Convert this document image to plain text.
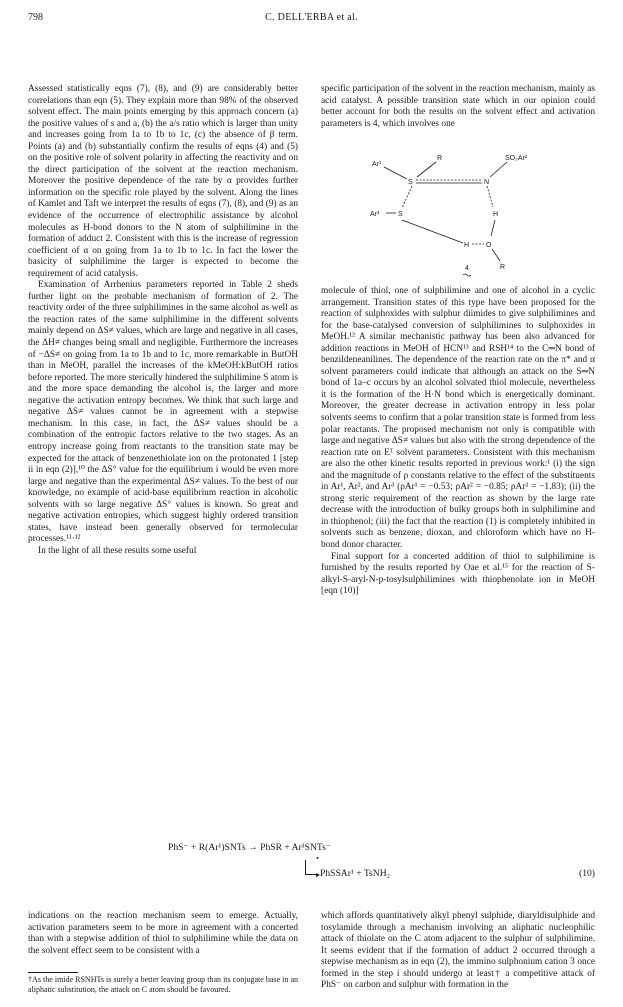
798	C. DELL'ERBA et al.

Assessed statistically eqns (7), (8), and (9) are considerably better correlations than eqn (5). They explain more than 98% of the observed solvent effect. The main points emerging by this approach concern (a) the positive values of s and a, (b) the a/s ratio which is larger than unity and increases going from 1a to 1b to 1c, (c) the absence of β term. Points (a) and (b) substantially confirm the results of eqns (4) and (5) on the positive role of solvent polarity in affecting the reactivity and on the direct participation of the solvent at the reaction mechanism. Moreover the positive dependence of the rate by α provides further information on the specific role played by the solvent. Along the lines of Kamlet and Taft we interpret the results of eqns (7), (8), and (9) as an evidence of the occurrence of electrophilic assistance by alcohol molecules as H-bond donors to the N atom of sulphilimine in the formation of adduct 2. Consistent with this is the increase of regression coefficient of α on going from 1a to 1b to 1c. In fact the lower the basicity of sulphilimine the larger is expected to become the requirement of acid catalysis.

Examination of Arrhenius parameters reported in Table 2 sheds further light on the probable mechanism of formation of 2. The reactivity order of the three sulphilimines in the same alcohol as well as the reaction rates of the same sulphilimine in the different solvents mainly depend on ΔS≠ values, which are large and negative in all cases, the ΔH≠ changes being small and negligible. Furthermore the increases of −ΔS≠ on going from 1a to 1b and to 1c, more remarkable in ButOH than in MeOH, parallel the increases of the kMeOH:kButOH ratios before reported. The more sterically hindered the sulphilimine S atom is and the more space demanding the alcohol is, the larger and more negative the activation entropy becomes. We think that such large and negative ΔS≠ values cannot be in agreement with a stepwise mechanism. In this case, in fact, the ΔS≠ values should be a combination of the entropic factors relative to the two stages. As an entropy increase going from reactants to the transition state may be expected for the attack of benzenethiolate ion on the protonated 1 [step ii in eqn (2)],¹⁰ the ΔS° value for the equilibrium i would be even more large and negative than the experimental ΔS≠ values. To the best of our knowledge, no example of acid-base equilibrium reaction in alcoholic solvents with so large negative ΔS° values is known. So great and negative activation entropies, which suggest highly ordered transition states, have instead been generally observed for termolecular processes.¹¹·¹²

In the light of all these results some useful

specific participation of the solvent in the reaction mechanism, mainly as acid catalyst. A possible transition state which in our opinion could better account for both the results on the solvent effect and activation parameters is 4, which involves one

Ar¹
R	SO₂Ar²
S	N
Ar³	S	H
H O
4	R

molecule of thiol, one of sulphilimine and one of alcohol in a cyclic arrangement. Transition states of this type have been proposed for the reaction of sulphoxides with sulphur diimides to give sulphilimines and for the base-catalysed conversion of sulphilimines to sulphoxides in MeOH.¹² A similar mechanistic pathway has been also advanced for addition reactions in MeOH of HCN¹³ and RSH¹⁴ to the C═N bond of benzildeneanilines. The dependence of the reaction rate on the π* and α solvent parameters could indicate that although an attack on the S═N bond of 1a–c occurs by an alcohol solvated thiol molecule, nevertheless it is the formation of the H·N bond which is energetically dominant. Moreover, the greater decrease in activation entropy in less polar solvents seems to confirm that a polar transition state is formed from less polar reactants. The proposed mechanism not only is compatible with large and negative ΔS≠ values but also with the strong dependence of the reaction rate on Eᵀ solvent parameters. Consistent with this mechanism are also the other kinetic results reported in previous work:¹ (i) the sign and the magnitude of ρ constants relative to the effect of the substituents in Ar¹, Ar², and Ar³ (ρAr¹ = −0.53; ρAr² = −0.85; ρAr³ = −1.83); (ii) the strong steric requirement of the reaction as shown by the large rate decrease with the introduction of bulky groups both in sulphilimine and in thiophenol; (iii) the fact that the reaction (1) is completely inhibited in solvents such as benzene, dioxan, and chloroform which have no H- bond donor character.

Final support for a concerted addition of thiol to sulphilimine is furnished by the results reported by Oae et al.¹⁵ for the reaction of S-alkyl-S-aryl-N-p-tosylsulphilimines with thiophenolate ion in MeOH [eqn (10)]

PhS⁻ + R(Ar¹)SNTs → PhSR + Ar¹SNTs⁻
•
PhSSAr¹ + TsNH₂	(10)

indications on the reaction mechanism seem to emerge. Actually, activation parameters seem to be more in agreement with a concerted than with a stepwise addition of thiol to sulphilimine while the data on the solvent effect seem to be consistent with a

which affords quantitatively alkyl phenyl sulphide, diaryldisulphide and tosylamide through a mechanism involving an aliphatic nucleophilic attack of thiolate on the C atom adjacent to the sulphur of sulphilimine. It seems evident that if the formation of adduct 2 occurred through a stepwise mechanism as in eqn (2), the immino sulphonium cation 3 once formed in the step i should undergo at least† a competitive attack of PhS⁻ on carbon and sulphur with formation in the

†As the imide RSNHTs is surely a better leaving group than its conjugate base in an aliphatic substitution, the attack on C atom should be favoured.
